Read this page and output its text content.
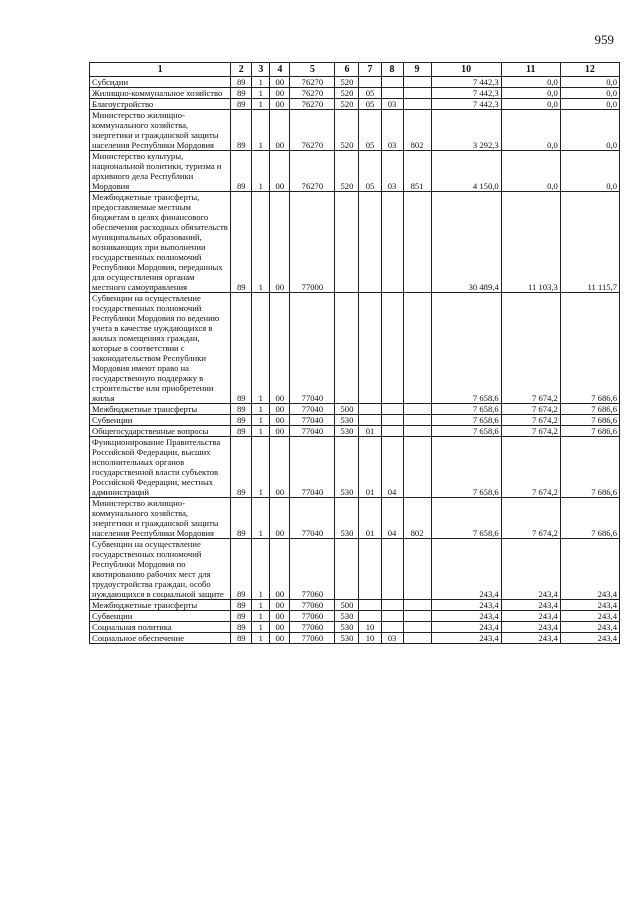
959
1	2	3	4	5	6	7	8	9	10	11	12
Субсидии	89	1	00	76270	520				7 442,3	0,0	0,0
Жилищно-коммунальное хозяйство	89	1	00	76270	520	05			7 442,3	0,0	0,0
Благоустройство	89	1	00	76270	520	05	03		7 442,3	0,0	0,0
Министерство жилищно-коммунального хозяйства, энергетики и гражданской защиты населения Республики Мордовия	89	1	00	76270	520	05	03	802	3 292,3	0,0	0,0
Министерство культуры, национальной политики, туризма и архивного дела Республики Мордовия	89	1	00	76270	520	05	03	851	4 150,0	0,0	0,0
Межбюджетные трансферты, предоставляемые местным бюджетам в целях финансового обеспечения расходных обязательств муниципальных образований, возникающих при выполнении государственных полномочий Республики Мордовия, переданных для осуществления органам местного самоуправления	89	1	00	77000					30 489,4	11 103,3	11 115,7
Субвенции на осуществление государственных полномочий Республики Мордовия по ведению учета в качестве нуждающихся в жилых помещениях граждан, которые в соответствии с законодательством Республики Мордовия имеют право на государственную поддержку в строительстве или приобретении жилья	89	1	00	77040					7 658,6	7 674,2	7 686,6
Межбюджетные трансферты	89	1	00	77040	500				7 658,6	7 674,2	7 686,6
Субвенции	89	1	00	77040	530				7 658,6	7 674,2	7 686,6
Общегосударственные вопросы	89	1	00	77040	530	01			7 658,6	7 674,2	7 686,6
Функционирование Правительства Российской Федерации, высших исполнительных органов государственной власти субъектов Российской Федерации, местных администраций	89	1	00	77040	530	01	04		7 658,6	7 674,2	7 686,6
Министерство жилищно-коммунального хозяйства, энергетики и гражданской защиты населения Республики Мордовия	89	1	00	77040	530	01	04	802	7 658,6	7 674,2	7 686,6
Субвенции на осуществление государственных полномочий Республики Мордовия по квотированию рабочих мест для трудоустройства граждан, особо нуждающихся в социальной защите	89	1	00	77060					243,4	243,4	243,4
Межбюджетные трансферты	89	1	00	77060	500				243,4	243,4	243,4
Субвенции	89	1	00	77060	530				243,4	243,4	243,4
Социальная политика	89	1	00	77060	530	10			243,4	243,4	243,4
Социальное обеспечение	89	1	00	77060	530	10	03		243,4	243,4	243,4
